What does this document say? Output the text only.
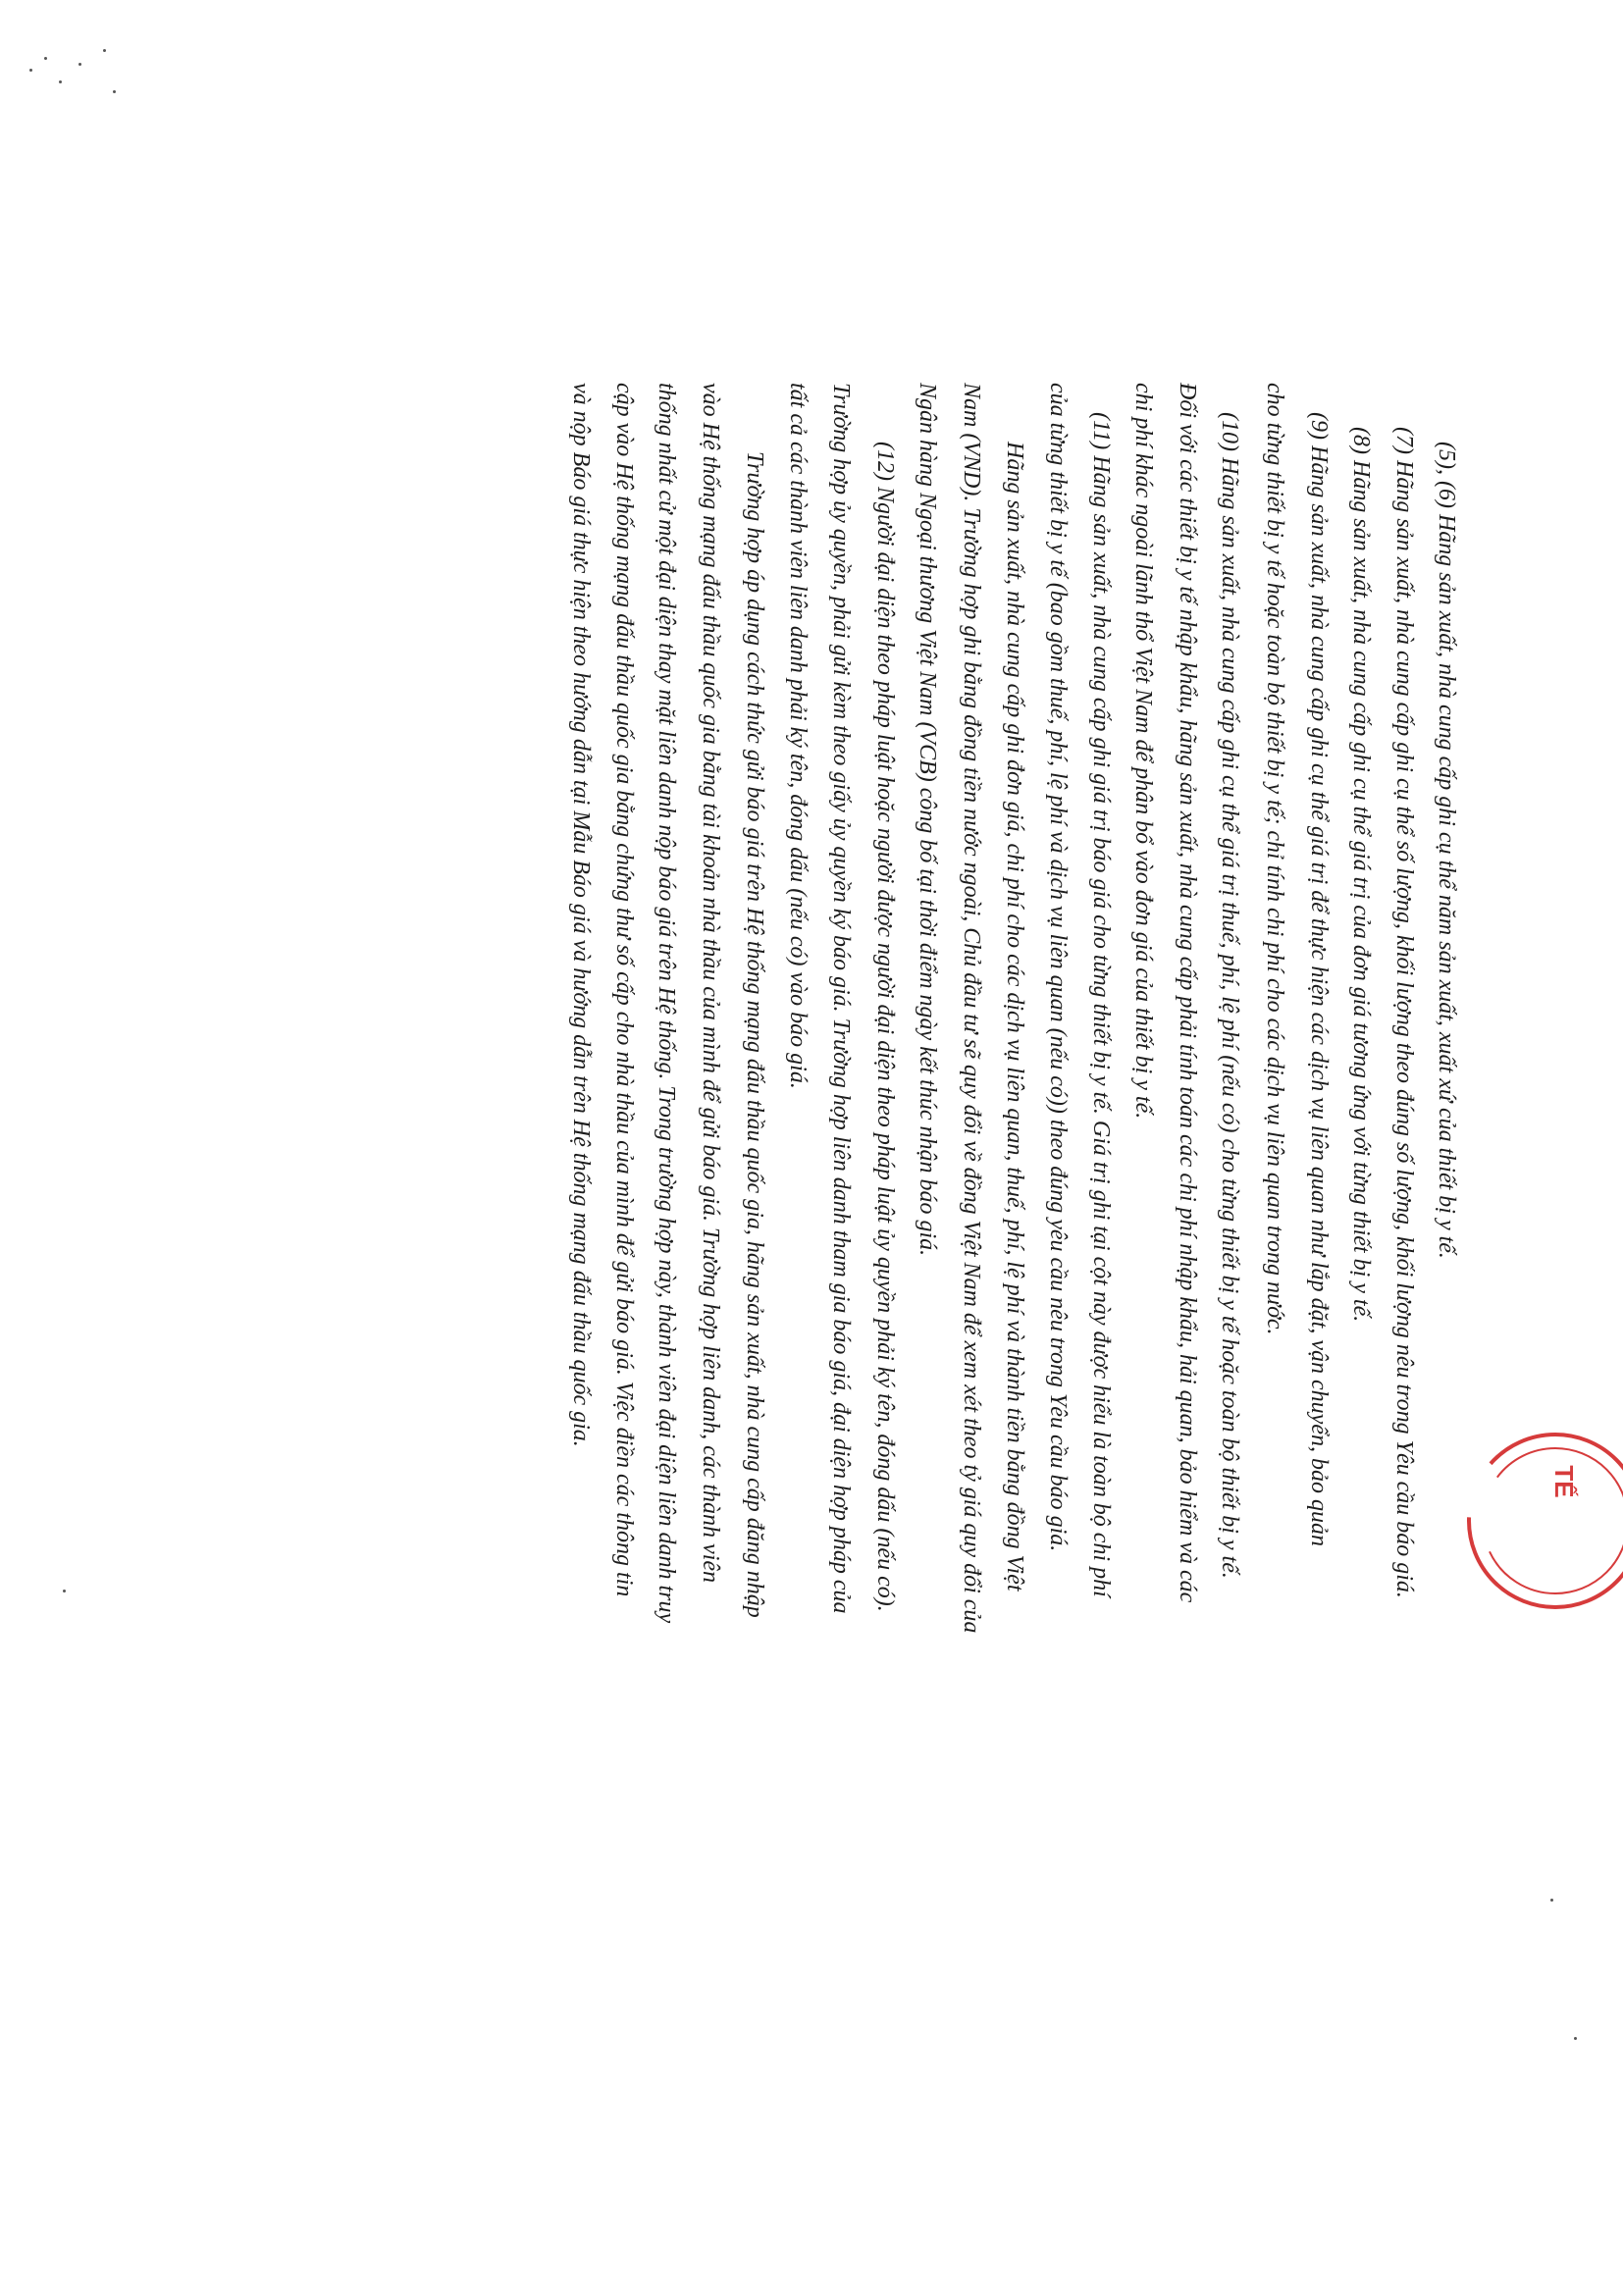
(5), (6) Hãng sản xuất, nhà cung cấp ghi cụ thể năm sản xuất, xuất xứ của thiết bị y tế.
(7) Hãng sản xuất, nhà cung cấp ghi cụ thể số lượng, khối lượng theo đúng số lượng, khối lượng nêu trong Yêu cầu báo giá.
(8) Hãng sản xuất, nhà cung cấp ghi cụ thể giá trị của đơn giá tương ứng với từng thiết bị y tế.
(9) Hãng sản xuất, nhà cung cấp ghi cụ thể giá trị để thực hiện các dịch vụ liên quan như lắp đặt, vận chuyển, bảo quản
cho từng thiết bị y tế hoặc toàn bộ thiết bị y tế; chỉ tính chi phí cho các dịch vụ liên quan trong nước.
(10) Hãng sản xuất, nhà cung cấp ghi cụ thể giá trị thuế, phí, lệ phí (nếu có) cho từng thiết bị y tế hoặc toàn bộ thiết bị y tế.
Đối với các thiết bị y tế nhập khẩu, hãng sản xuất, nhà cung cấp phải tính toán các chi phí nhập khẩu, hải quan, bảo hiểm và các
chi phí khác ngoài lãnh thổ Việt Nam để phân bổ vào đơn giá của thiết bị y tế.
(11) Hãng sản xuất, nhà cung cấp ghi giá trị báo giá cho từng thiết bị y tế. Giá trị ghi tại cột này được hiểu là toàn bộ chi phí
của từng thiết bị y tế (bao gồm thuế, phí, lệ phí và dịch vụ liên quan (nếu có)) theo đúng yêu cầu nêu trong Yêu cầu báo giá.
Hãng sản xuất, nhà cung cấp ghi đơn giá, chi phí cho các dịch vụ liên quan, thuế, phí, lệ phí và thành tiền bằng đồng Việt
Nam (VND). Trường hợp ghi bằng đồng tiền nước ngoài, Chủ đầu tư sẽ quy đổi về đồng Việt Nam để xem xét theo tỷ giá quy đổi của
Ngân hàng Ngoại thương Việt Nam (VCB) công bố tại thời điểm ngày kết thúc nhận báo giá.
(12) Người đại diện theo pháp luật hoặc người được người đại diện theo pháp luật ủy quyền phải ký tên, đóng dấu (nếu có).
Trường hợp ủy quyền, phải gửi kèm theo giấy ủy quyền ký báo giá. Trường hợp liên danh tham gia báo giá, đại diện hợp pháp của
tất cả các thành viên liên danh phải ký tên, đóng dấu (nếu có) vào báo giá.
Trường hợp áp dụng cách thức gửi báo giá trên Hệ thống mạng đấu thầu quốc gia, hãng sản xuất, nhà cung cấp đăng nhập
vào Hệ thống mạng đấu thầu quốc gia bằng tài khoản nhà thầu của mình để gửi báo giá. Trường hợp liên danh, các thành viên
thống nhất cử một đại diện thay mặt liên danh nộp báo giá trên Hệ thống. Trong trường hợp này, thành viên đại diện liên danh truy
cập vào Hệ thống mạng đấu thầu quốc gia bằng chứng thư số cấp cho nhà thầu của mình để gửi báo giá. Việc điền các thông tin
và nộp Báo giá thực hiện theo hướng dẫn tại Mẫu Báo giá và hướng dẫn trên Hệ thống mạng đấu thầu quốc gia.
TẾ
